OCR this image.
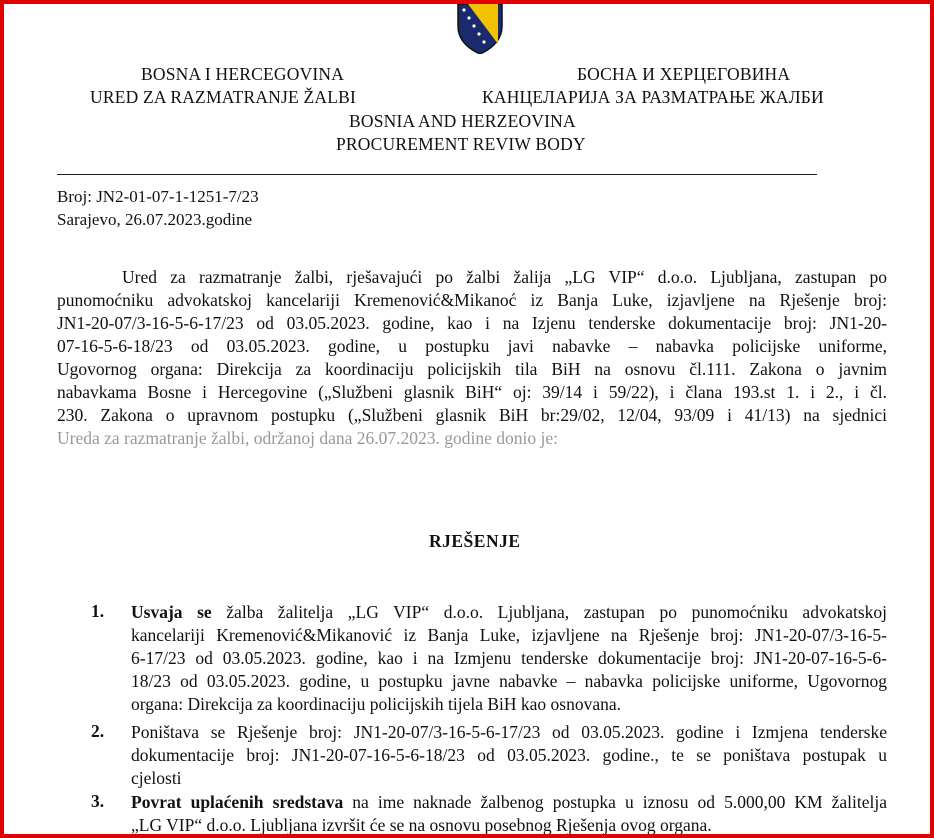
BOSNA I HERCEGOVINA
URED ZA RAZMATRANJE ŽALBI
БОСНА И ХЕРЦЕГОВИНА
КАНЦЕЛАРИЈА ЗА РАЗМАТРАЊЕ ЖАЛБИ
BOSNIA AND HERZEOVINA
PROCUREMENT REVIW BODY
Broj: JN2-01-07-1-1251-7/23
Sarajevo, 26.07.2023.godine
Ured za razmatranje žalbi, rješavajući po žalbi žalija „LG VIP“ d.o.o. Ljubljana, zastupan po
punomoćniku advokatskoj kancelariji Kremenović&Mikanoć iz Banja Luke, izjavljene na Rješenje broj:
JN1-20-07/3-16-5-6-17/23 od 03.05.2023. godine, kao i na Izjenu tenderske dokumentacije broj: JN1-20-
07-16-5-6-18/23 od 03.05.2023. godine, u postupku javi nabavke – nabavka policijske uniforme,
Ugovornog organa: Direkcija za koordinaciju policijskih tila BiH na osnovu čl.111. Zakona o javnim
nabavkama Bosne i Hercegovine („Službeni glasnik BiH“ oj: 39/14 i 59/22), i člana 193.st 1. i 2., i čl.
230. Zakona o upravnom postupku („Službeni glasnik BiH br:29/02, 12/04, 93/09 i 41/13) na sjednici
Ureda za razmatranje žalbi, održanoj dana 26.07.2023. godine donio je:
RJEŠENJE
1. Usvaja se žalba žalitelja „LG VIP“ d.o.o. Ljubljana, zastupan po punomoćniku advokatskoj
kancelariji Kremenović&Mikanović iz Banja Luke, izjavljene na Rješenje broj: JN1-20-07/3-16-5-
6-17/23 od 03.05.2023. godine, kao i na Izmjenu tenderske dokumentacije broj: JN1-20-07-16-5-6-
18/23 od 03.05.2023. godine, u postupku javne nabavke – nabavka policijske uniforme, Ugovornog
organa: Direkcija za koordinaciju policijskih tijela BiH kao osnovana.
2. Poništava se Rješenje broj: JN1-20-07/3-16-5-6-17/23 od 03.05.2023. godine i Izmjena tenderske
dokumentacije broj: JN1-20-07-16-5-6-18/23 od 03.05.2023. godine., te se poništava postupak u
cjelosti
3. Povrat uplaćenih sredstava na ime naknade žalbenog postupka u iznosu od 5.000,00 KM žalitelja
„LG VIP“ d.o.o. Ljubljana izvršit će se na osnovu posebnog Rješenja ovog organa.
